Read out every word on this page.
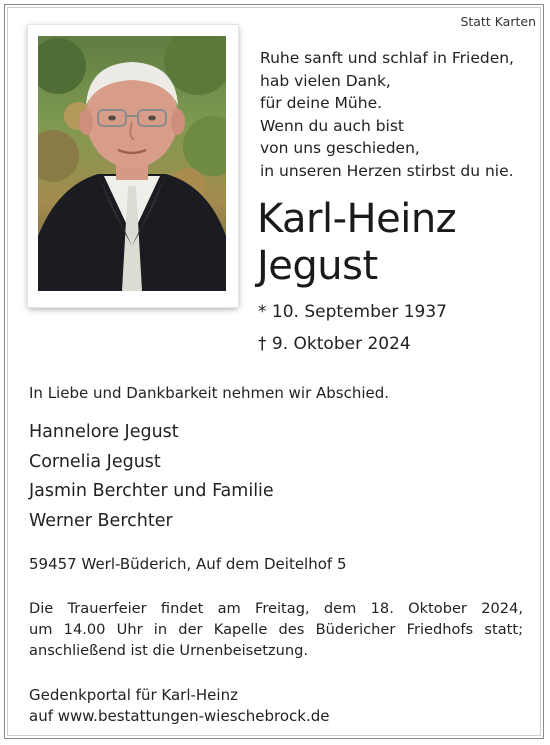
Statt Karten
Ruhe sanft und schlaf in Frieden,
hab vielen Dank,
für deine Mühe.
Wenn du auch bist
von uns geschieden,
in unseren Herzen stirbst du nie.
Karl-Heinz
Jegust
* 10. September 1937
† 9. Oktober 2024
In Liebe und Dankbarkeit nehmen wir Abschied.
Hannelore Jegust
Cornelia Jegust
Jasmin Berchter und Familie
Werner Berchter
59457 Werl-Büderich, Auf dem Deitelhof 5
Die Trauerfeier findet am Freitag, dem 18. Oktober 2024,
um 14.00 Uhr in der Kapelle des Büdericher Friedhofs statt;
anschließend ist die Urnenbeisetzung.
Gedenkportal für Karl-Heinz
auf www.bestattungen-wieschebrock.de
